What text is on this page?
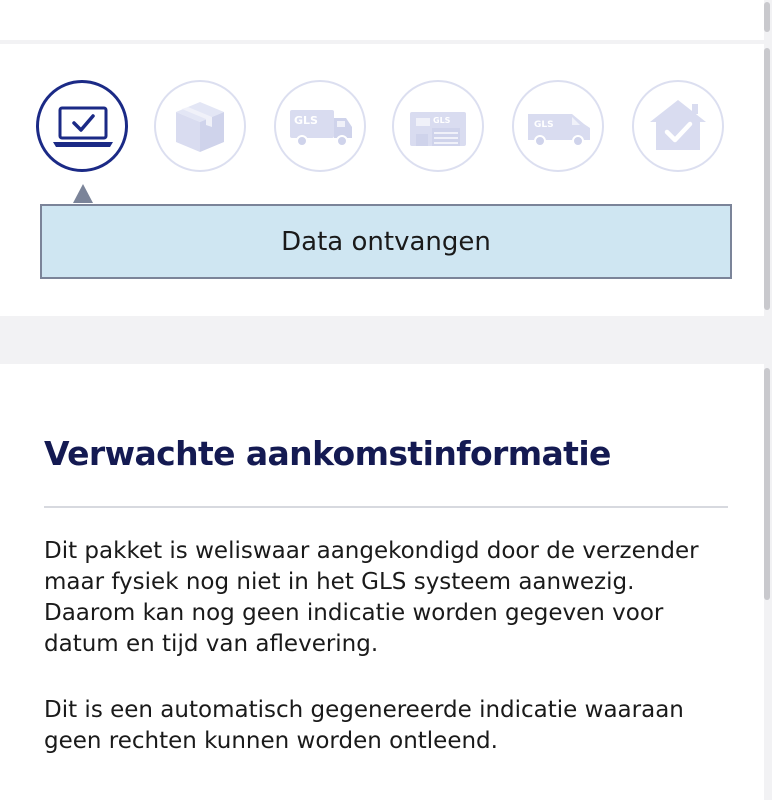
GLS	GLS	GLS
Data ontvangen
Verwachte aankomstinformatie

Dit pakket is weliswaar aangekondigd door de verzender
maar fysiek nog niet in het GLS systeem aanwezig.
Daarom kan nog geen indicatie worden gegeven voor
datum en tijd van aflevering.

Dit is een automatisch gegenereerde indicatie waaraan
geen rechten kunnen worden ontleend.
